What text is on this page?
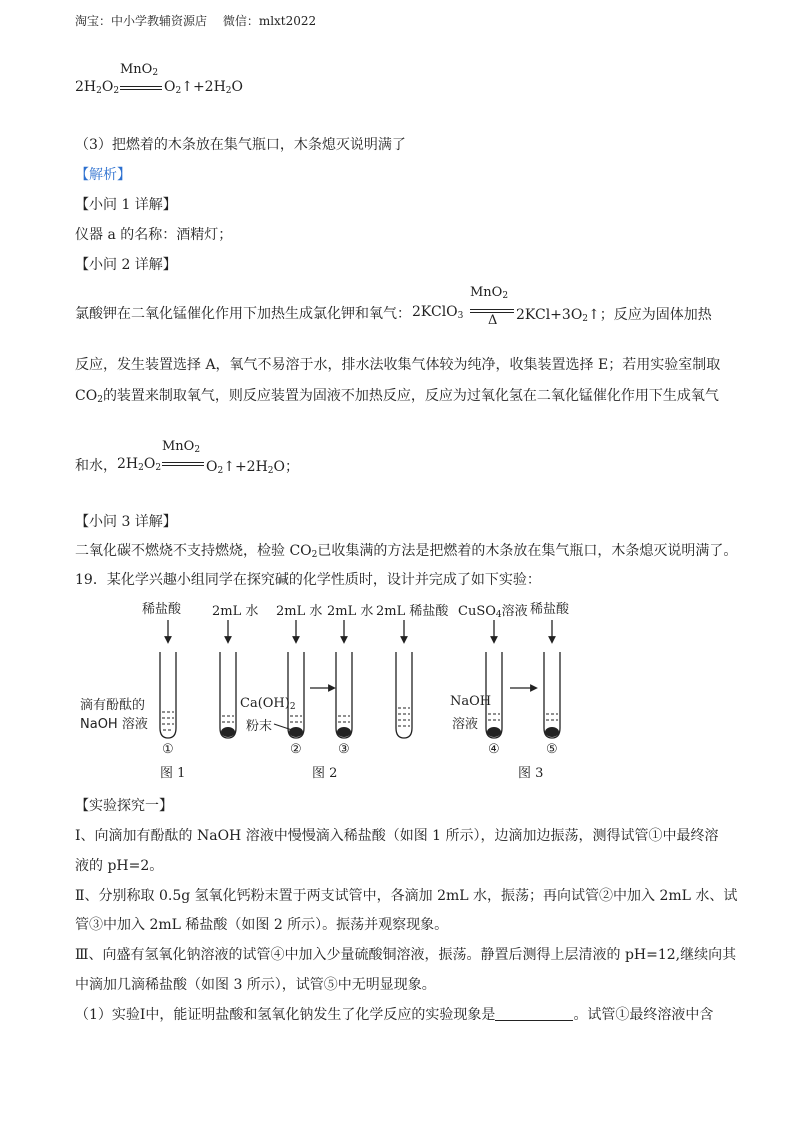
淘宝：中小学教辅资源店　 微信：mlxt2022
$2H_2O_2$
MnO$_2$
$O_2↑+2H_2O$
（3）把燃着的木条放在集气瓶口，木条熄灭说明满了
【解析】
【小问 1 详解】
仪器 a 的名称：酒精灯；
【小问 2 详解】
氯酸钾在二氧化锰催化作用下加热生成氯化钾和氧气： 2KClO$_3$
MnO$_2$
Δ $2KCl+3O_2↑$；反应为固体加热
反应，发生装置选择 A，氧气不易溶于水，排水法收集气体较为纯净，收集装置选择 E；若用实验室制取
$CO_2$的装置来制取氧气，则反应装置为固液不加热反应，反应为过氧化氢在二氧化锰催化作用下生成氧气
和水， $2H_2O_2$
MnO$_2$
$O_2↑+2H_2O$；
【小问 3 详解】
二氧化碳不燃烧不支持燃烧，检验 $CO_2$已收集满的方法是把燃着的木条放在集气瓶口，木条熄灭说明满了。
19．某化学兴趣小组同学在探究碱的化学性质时，设计并完成了如下实验：
稀盐酸 2mL 水 2mL 水 2mL 水 2mL 稀盐酸 CuSO$_4$溶液 稀盐酸
滴有酚酞的
NaOH 溶液
$Ca(OH)_2$
粉末
NaOH
溶液
①	②	③	④	⑤
图 1	图 2	图 3
【实验探究一】
Ⅰ、向滴加有酚酞的 NaOH 溶液中慢慢滴入稀盐酸（如图 1 所示），边滴加边振荡，测得试管①中最终溶
液的 pH=2。
Ⅱ、分别称取 0.5g 氢氧化钙粉末置于两支试管中，各滴加 2mL 水，振荡；再向试管②中加入 2mL 水、试
管③中加入 2mL 稀盐酸（如图 2 所示）。振荡并观察现象。
Ⅲ、向盛有氢氧化钠溶液的试管④中加入少量硫酸铜溶液，振荡。静置后测得上层清液的 pH=12,继续向其
中滴加几滴稀盐酸（如图 3 所示），试管⑤中无明显现象。
（1）实验Ⅰ中，能证明盐酸和氢氧化钠发生了化学反应的实验现象是	。试管①最终溶液中含
